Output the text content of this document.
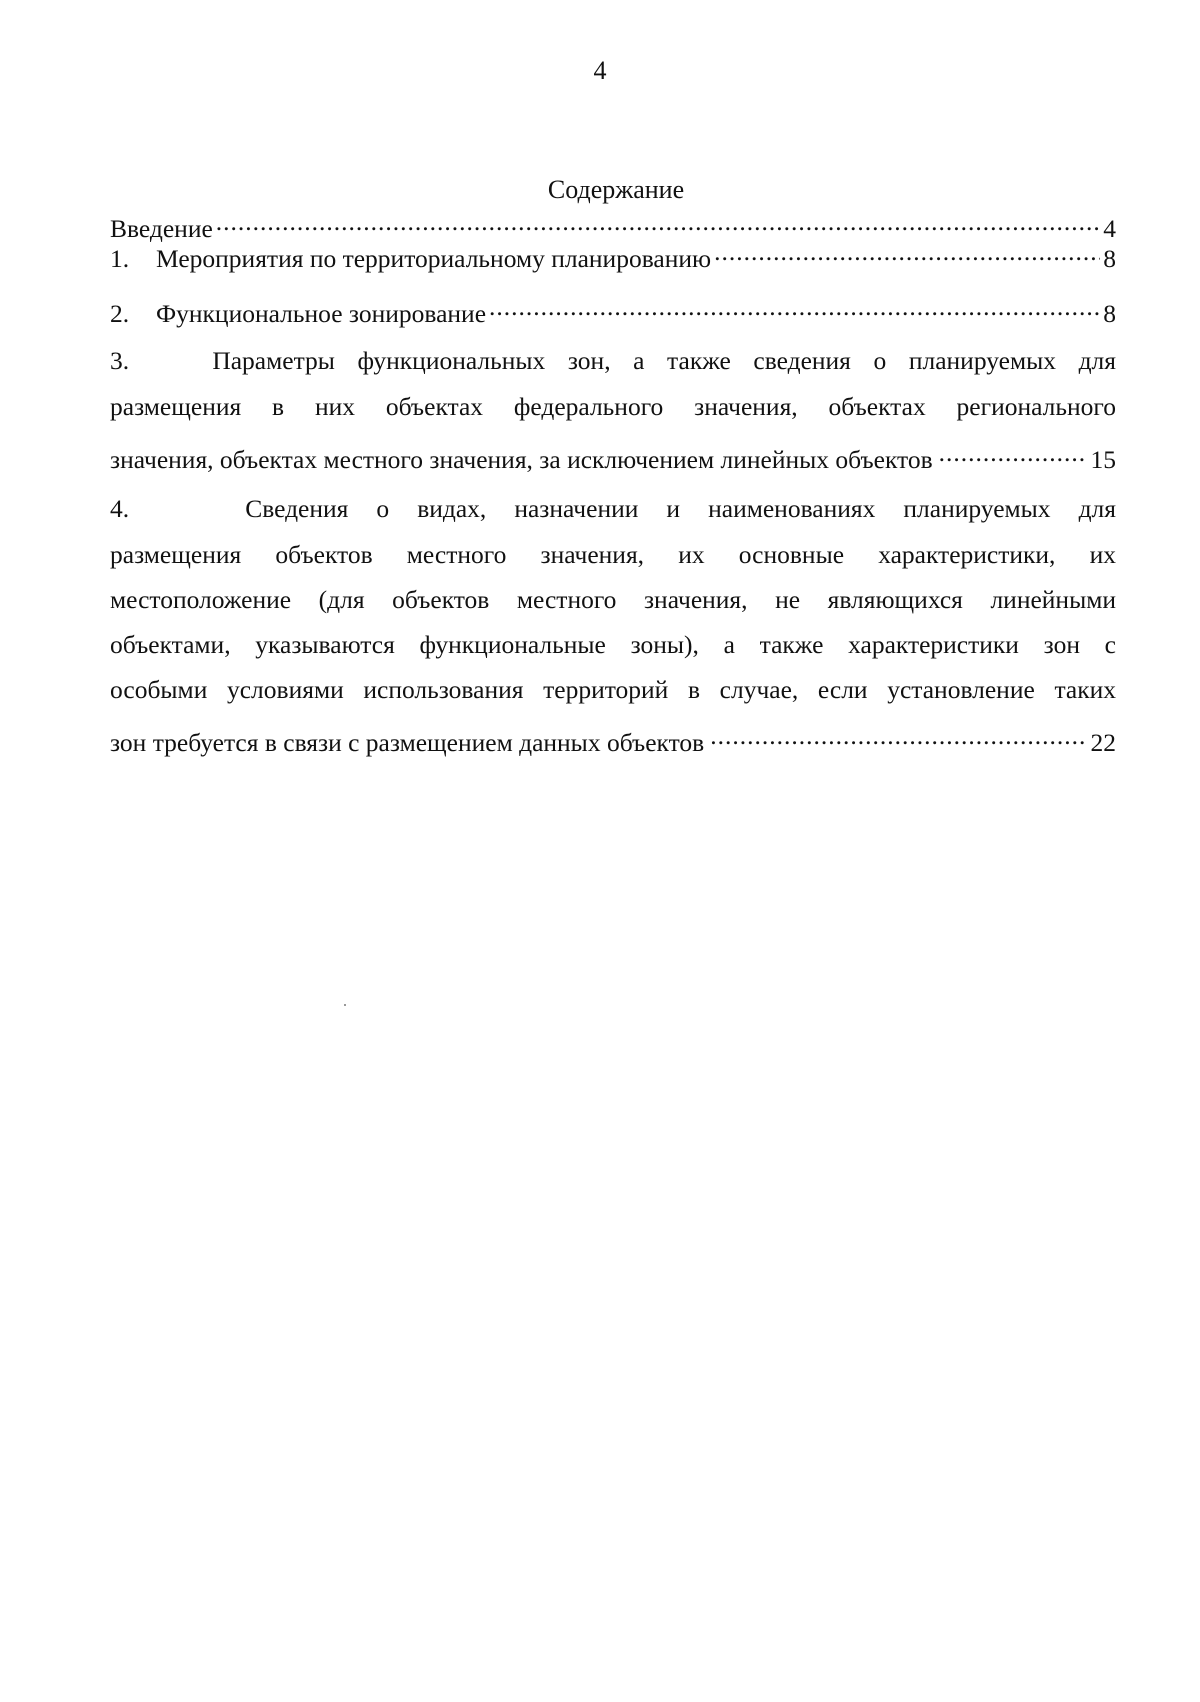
4
Содержание
Введение .....	4
1.	Мероприятия по территориальному планированию .....	8
2.	Функциональное зонирование .....	8
3.	Параметры функциональных зон, а также сведения о планируемых для
размещения в них объектах федерального значения, объектах регионального
значения, объектах местного значения, за исключением линейных объектов .....	15
4.	Сведения о видах, назначении и наименованиях планируемых для
размещения объектов местного значения, их основные характеристики, их
местоположение (для объектов местного значения, не являющихся линейными
объектами, указываются функциональные зоны), а также характеристики зон с
особыми условиями использования территорий в случае, если установление таких
зон требуется в связи с размещением данных объектов .....	22
